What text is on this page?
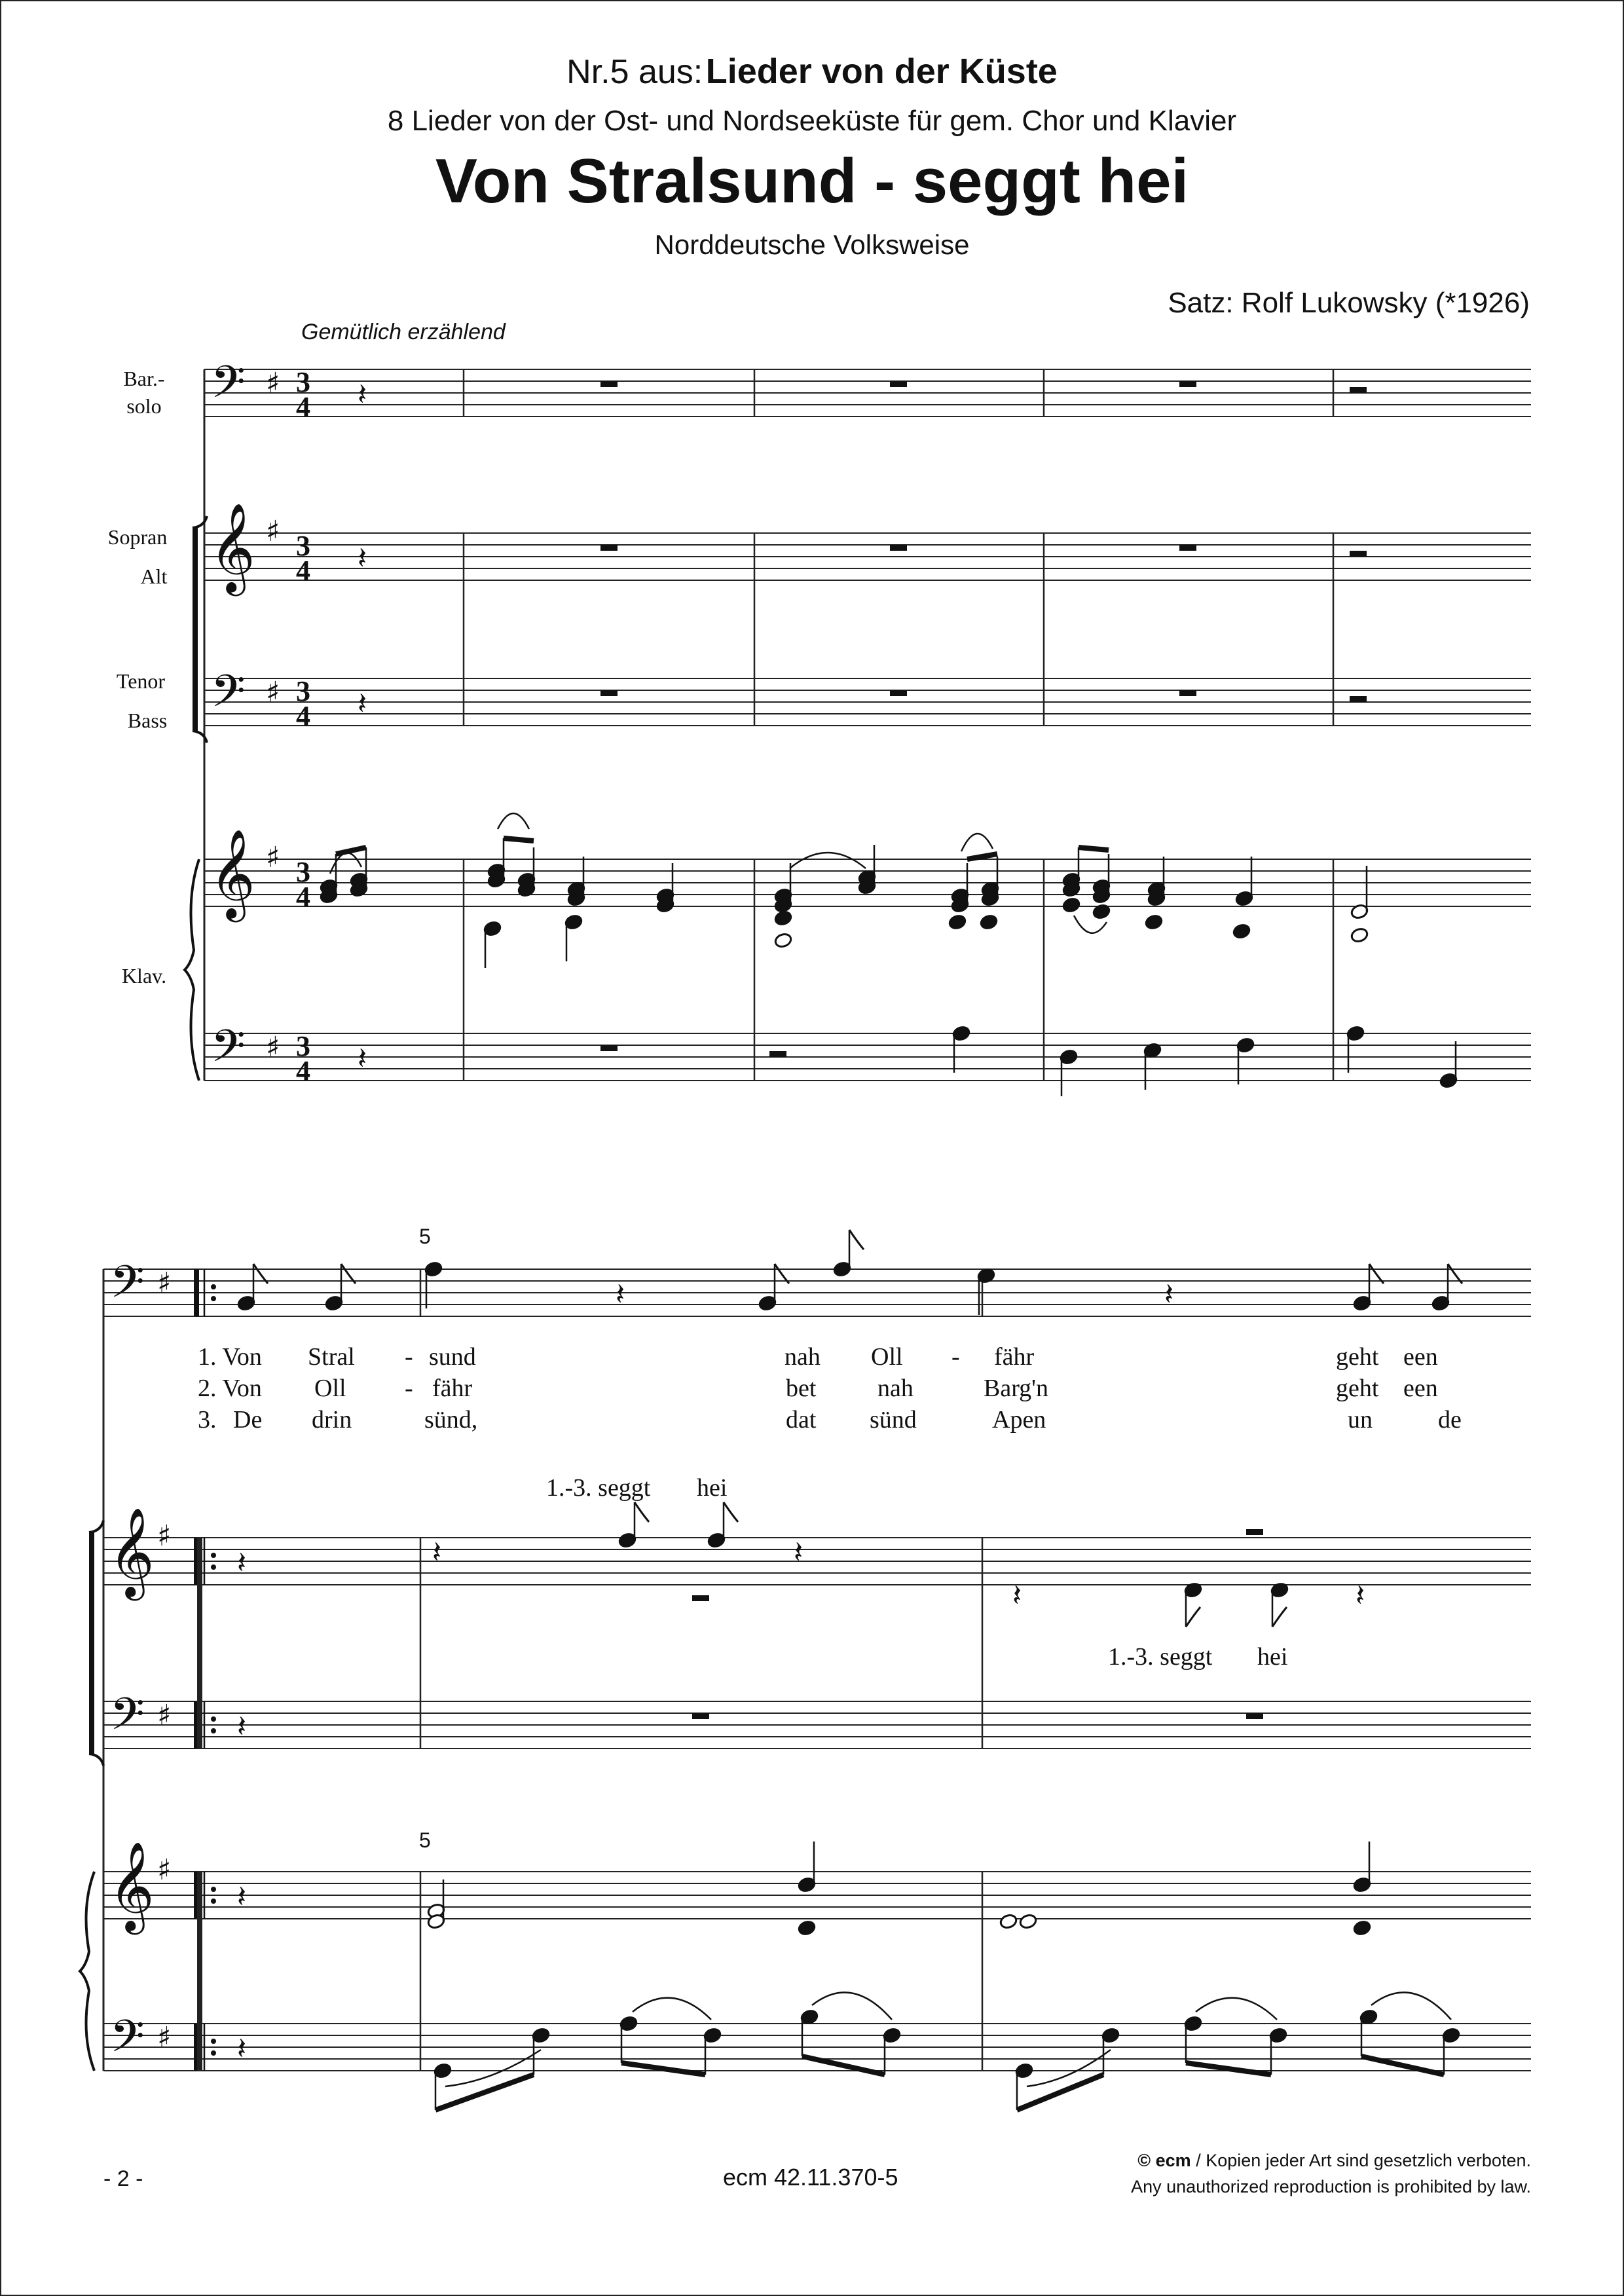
Nr.5 aus: Lieder von der Küste
8 Lieder von der Ost- und Nordseeküste für gem. Chor und Klavier
Von Stralsund - seggt hei
Norddeutsche Volksweise
Satz: Rolf Lukowsky (*1926)
Gemütlich erzählend
Bar.-
solo
Sopran
Alt
Tenor
Bass
Klav.
5
5
1. Von Stral - sund	nah Oll - fähr	geht een
2. Von Oll - fähr	bet nah	Barg'n	geht een
3. De drin	sünd,	dat sünd	Apen	un	de
1.-3. seggt hei
1.-3. seggt hei
- 2 -	ecm 42.11.370-5
© ecm / Kopien jeder Art sind gesetzlich verboten.
Any unauthorized reproduction is prohibited by law.
𝄢
𝄞
𝄢
𝄞
𝄢
♯
♯
♯
♯
♯
3
4
3
4
3
4
3
4
3
4
𝄽
𝄽
𝄽
𝄽
𝄢 ♯
𝄞 ♯
𝄢 ♯
𝄞 ♯
𝄢 ♯
𝄽	𝄽
𝄽
𝄽
𝄽	𝄽
𝄽	𝄽
𝄽
𝄽
